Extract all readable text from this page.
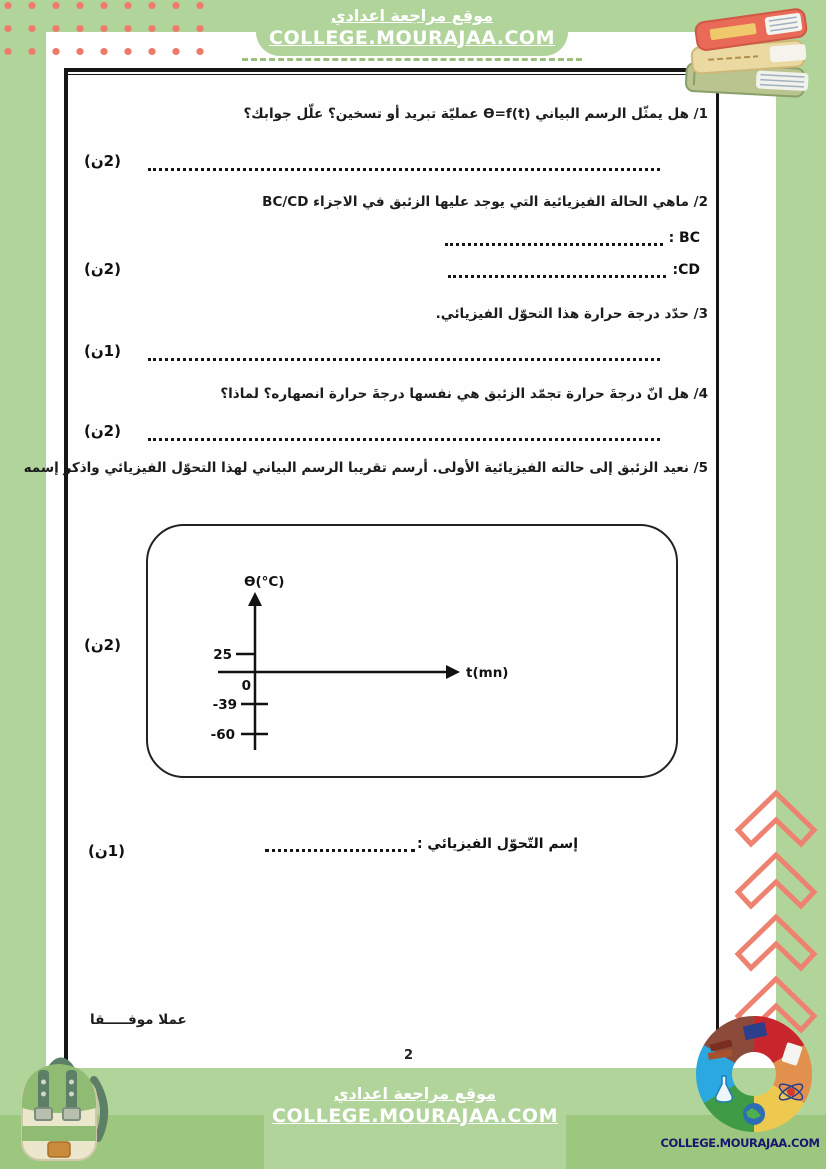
موقع مراجعة اعدادي
COLLEGE.MOURAJAA.COM
1/ هل يمثّل الرسم البياني Ɵ=f(t) عمليّة تبريد أو تسخين؟ علّل جوابك؟
(2ن)
2/ ماهي الحالة الفيزيائية التي يوجد عليها الزئبق في الاجزاء BC/CD
BC :
CD:
(2ن)
3/ حدّد درجة حرارة هذا التحوّل الفيزيائي.
(1ن)
4/ هل انّ درجةَ حرارة تجمّد الزئبق هي نفسها درجةَ حرارة انصهاره؟ لماذا؟
(2ن)
5/ نعيد الزئبق إلى حالته الفيزيائية الأولى. أرسم تقريبا الرسم البياني لهذا التحوّل الفيزيائي واذكر إسمه
Ɵ(°C)
t(mn)
25
0
-39
-60
(2ن)
إسم التّحوّل الفيزيائي :
(1ن)
عملا موفـــــقا
2
موقع مراجعة اعدادي
COLLEGE.MOURAJAA.COM
COLLEGE.MOURAJAA.COM
